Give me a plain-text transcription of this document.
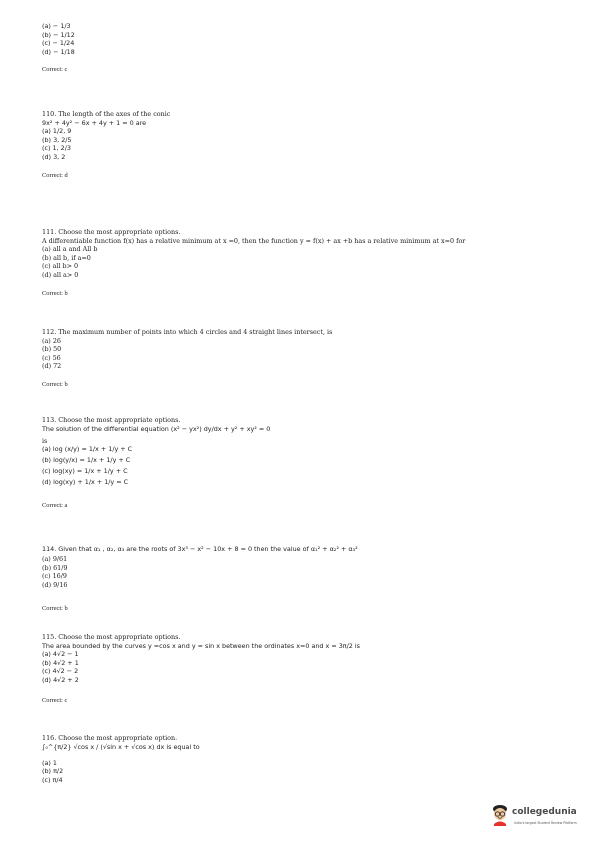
(a) − 1/3
(b) − 1/12
(c) − 1/24
(d) − 1/18
Correct: c
110. The length of the axes of the conic
9x² + 4y² − 6x + 4y + 1 = 0 are
(a) 1/2, 9
(b) 3, 2/5
(c) 1, 2/3
(d) 3, 2
Correct: d
111. Choose the most appropriate options.
A differentiable function f(x) has a relative minimum at x =0, then the function y = f(x) + ax +b has a relative minimum at x=0 for
(a) all a and All b
(b) all b, if a=0
(c) all b> 0
(d) all a> 0
Correct: b
112. The maximum number of points into which 4 circles and 4 straight lines intersect, is
(a) 26
(b) 50
(c) 56
(d) 72
Correct: b
113. Choose the most appropriate options.
The solution of the differential equation (x² − yx²) dy/dx + y² + xy² = 0
is
(a) log (x/y) = 1/x + 1/y + C
(b) log(y/x) = 1/x + 1/y + C
(c) log(xy) = 1/x + 1/y + C
(d) log(xy) + 1/x + 1/y = C
Correct: a
114. Given that α₁ , α₂, α₃ are the roots of 3x³ − x² − 10x + 8 = 0 then the value of α₁² + α₂² + α₃²
(a) 9/61
(b) 61/9
(c) 16/9
(d) 9/16
Correct: b
115. Choose the most appropriate options.
The area bounded by the curves y =cos x and y = sin x between the ordinates x=0 and x = 3π/2 is
(a) 4√2 − 1
(b) 4√2 + 1
(c) 4√2 − 2
(d) 4√2 + 2
Correct: c
116. Choose the most appropriate option.
∫₀^{π/2} √cos x / (√sin x + √cos x) dx is equal to
(a) 1
(b) π/2
(c) π/4
collegedunia
India's largest Student Review Platform
